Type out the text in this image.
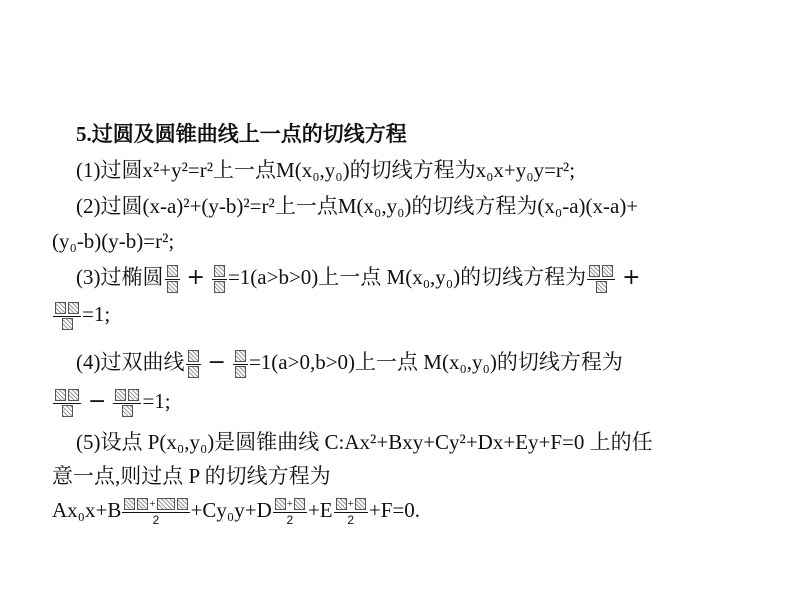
5.过圆及圆锥曲线上一点的切线方程
(1)过圆x²+y²=r²上一点M(x₀,y₀)的切线方程为x₀x+y₀y=r²;
(2)过圆(x-a)²+(y-b)²=r²上一点M(x₀,y₀)的切线方程为(x₀-a)(x-a)+
(y₀-b)(y-b)=r²;
(3)过椭圆 + =1(a>b>0)上一点 M(x₀,y₀)的切线方程为 +
=1;
(4)过双曲线 − =1(a>0,b>0)上一点 M(x₀,y₀)的切线方程为
− =1;
(5)设点 P(x₀,y₀)是圆锥曲线 C:Ax²+Bxy+Cy²+Dx+Ey+F=0 上的任
意一点,则过点 P 的切线方程为
$Ax_0x+B \frac{+}{2} +Cy_0y+D \frac{+}{2} +E \frac{+}{2} +F=0$.
